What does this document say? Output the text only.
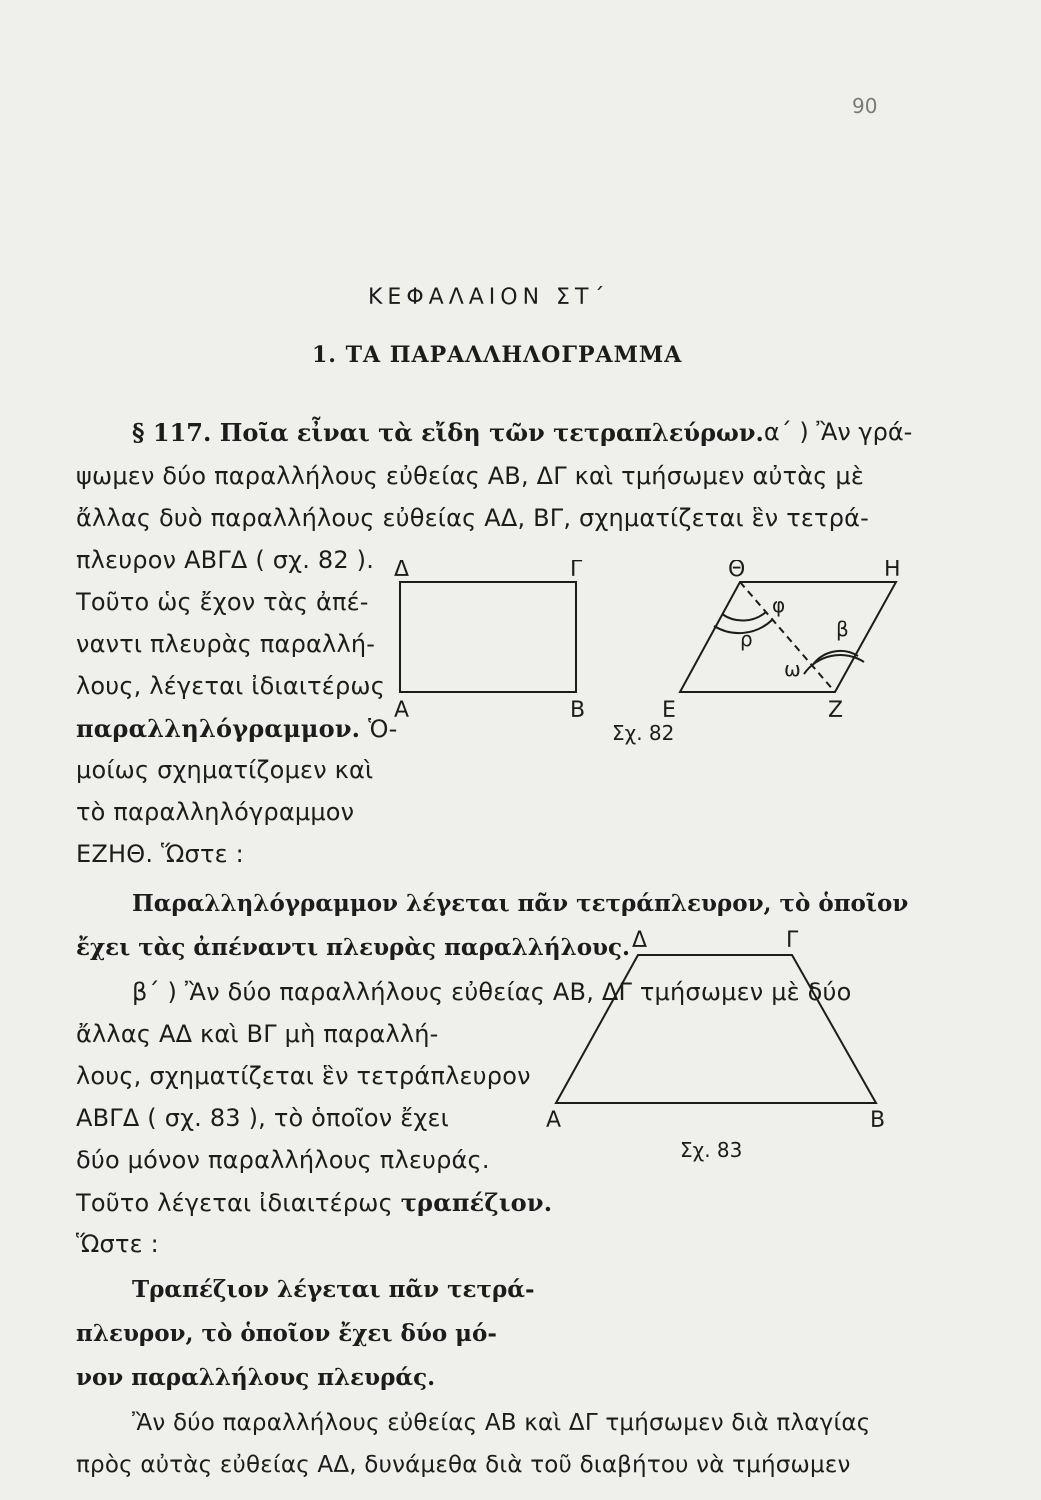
90
ΚΕΦΑΛΑΙΟΝ ΣΤ΄
1. ΤΑ ΠΑΡΑΛΛΗΛΟΓΡΑΜΜΑ
§ 117. Ποῖα εἶναι τὰ εἴδη τῶν τετραπλεύρων. α΄ ) Ἂν γρά-
ψωμεν δύο παραλλήλους εὐθείας ΑΒ, ΔΓ καὶ τμήσωμεν αὐτὰς μὲ
ἄλλας δυὸ παραλλήλους εὐθείας ΑΔ, ΒΓ, σχηματίζεται ἓν τετρά-
πλευρον ΑΒΓΔ ( σχ. 82 ).
Τοῦτο ὡς ἔχον τὰς ἀπέ-
ναντι πλευρὰς παραλλή-
λους, λέγεται ἰδιαιτέρως
παραλληλόγραμμον. Ὁ-
μοίως σχηματίζομεν καὶ
τὸ παραλληλόγραμμον
ΕΖΗΘ. Ὥστε :
Παραλληλόγραμμον λέγεται πᾶν τετράπλευρον, τὸ ὁποῖον
ἔχει τὰς ἀπέναντι πλευρὰς παραλλήλους.
β΄ ) Ἂν δύο παραλλήλους εὐθείας ΑΒ, ΔΓ τμήσωμεν μὲ δύο
ἄλλας ΑΔ καὶ ΒΓ μὴ παραλλή-
λους, σχηματίζεται ἓν τετράπλευρον
ΑΒΓΔ ( σχ. 83 ), τὸ ὁποῖον ἔχει
δύο μόνον παραλλήλους πλευράς.
Τοῦτο λέγεται ἰδιαιτέρως τραπέζιον.
Ὥστε :
Τραπέζιον λέγεται πᾶν τετρά-
πλευρον, τὸ ὁποῖον ἔχει δύο μό-
νον παραλλήλους πλευράς.
Ἂν δύο παραλλήλους εὐθείας ΑΒ καὶ ΔΓ τμήσωμεν διὰ πλαγίας
πρὸς αὐτὰς εὐθείας ΑΔ, δυνάμεθα διὰ τοῦ διαβήτου νὰ τμήσωμεν
Δ	Γ
Α	Β
Θ	Η
Ε	Ζ
φ
ρ	β
ω
Σχ. 82
Δ	Γ
Α	Β
Σχ. 83
